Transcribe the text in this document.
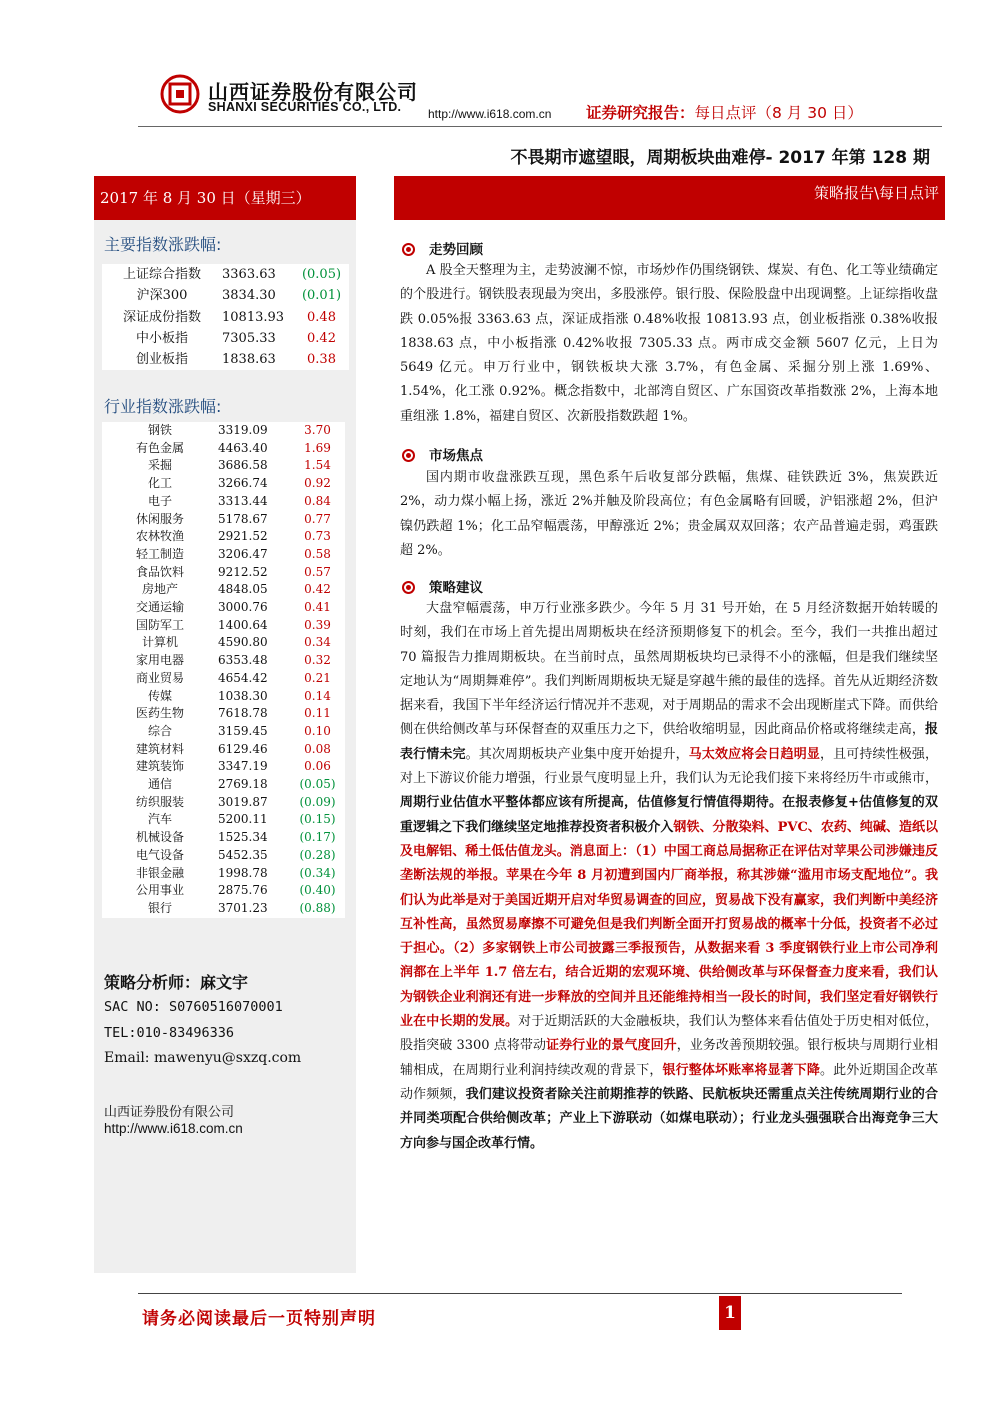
山西证券股份有限公司
SHANXI SECURITIES CO., LTD. http://www.i618.com.cn 证券研究报告：每日点评（8 月 30 日）
不畏期市遮望眼，周期板块曲难停- 2017 年第 128 期
2017 年 8 月 30 日（星期三）	策略报告\每日点评
主要指数涨跌幅:
上证综合指数	3363.63	(0.05)
沪深300	3834.30	(0.01)
深证成份指数	10813.93	0.48
中小板指	7305.33	0.42
创业板指	1838.63	0.38
行业指数涨跌幅:
钢铁	3319.09	3.70
有色金属	4463.40	1.69
采掘	3686.58	1.54
化工	3266.74	0.92
电子	3313.44	0.84
休闲服务	5178.67	0.77
农林牧渔	2921.52	0.73
轻工制造	3206.47	0.58
食品饮料	9212.52	0.57
房地产	4848.05	0.42
交通运输	3000.76	0.41
国防军工	1400.64	0.39
计算机	4590.80	0.34
家用电器	6353.48	0.32
商业贸易	4654.42	0.21
传媒	1038.30	0.14
医药生物	7618.78	0.11
综合	3159.45	0.10
建筑材料	6129.46	0.08
建筑装饰	3347.19	0.06
通信	2769.18	(0.05)
纺织服装	3019.87	(0.09)
汽车	5200.11	(0.15)
机械设备	1525.34	(0.17)
电气设备	5452.35	(0.28)
非银金融	1998.78	(0.34)
公用事业	2875.76	(0.40)
银行	3701.23	(0.88)
策略分析师：麻文宇
SAC NO: S0760516070001
TEL:010-83496336
Email: mawenyu@sxzq.com
山西证券股份有限公司
http://www.i618.com.cn
走势回顾

A 股全天整理为主，走势波澜不惊，市场炒作仍围绕钢铁、煤炭、有色、化工等业绩确定的个股进行。钢铁股表现最为突出，多股涨停。银行股、保险股盘中出现调整。上证综指收盘跌 0.05%报 3363.63 点，深证成指涨 0.48%收报 10813.93 点，创业板指涨 0.38%收报 1838.63 点，中小板指涨 0.42%收报 7305.33 点。两市成交金额 5607 亿元，上日为 5649 亿元。申万行业中，钢铁板块大涨 3.7%，有色金属、采掘分别上涨 1.69%、1.54%，化工涨 0.92%。概念指数中，北部湾自贸区、广东国资改革指数涨 2%，上海本地重组涨 1.8%，福建自贸区、次新股指数跌超 1%。

市场焦点

国内期市收盘涨跌互现，黑色系午后收复部分跌幅，焦煤、硅铁跌近 3%，焦炭跌近 2%，动力煤小幅上扬，涨近 2%并触及阶段高位；有色金属略有回暖，沪铝涨超 2%，但沪镍仍跌超 1%；化工品窄幅震荡，甲醇涨近 2%；贵金属双双回落；农产品普遍走弱，鸡蛋跌超 2%。

策略建议

大盘窄幅震荡，申万行业涨多跌少。今年 5 月 31 号开始，在 5 月经济数据开始转暖的时刻，我们在市场上首先提出周期板块在经济预期修复下的机会。至今，我们一共推出超过 70 篇报告力推周期板块。在当前时点，虽然周期板块均已录得不小的涨幅，但是我们继续坚定地认为“周期舞难停”。我们判断周期板块无疑是穿越牛熊的最佳的选择。首先从近期经济数据来看，我国下半年经济运行情况并不悲观，对于周期品的需求不会出现断崖式下降。而供给侧在供给侧改革与环保督查的双重压力之下，供给收缩明显，因此商品价格或将继续走高，报表行情未完。其次周期板块产业集中度开始提升，马太效应将会日趋明显，且可持续性极强，对上下游议价能力增强，行业景气度明显上升，我们认为无论我们接下来将经历牛市或熊市，周期行业估值水平整体都应该有所提高，估值修复行情值得期待。在报表修复+估值修复的双重逻辑之下我们继续坚定地推荐投资者积极介入钢铁、分散染料、PVC、农药、纯碱、造纸以及电解铝、稀土低估值龙头。消息面上：（1）中国工商总局据称正在评估对苹果公司涉嫌违反垄断法规的举报。苹果在今年 8 月初遭到国内厂商举报，称其涉嫌“滥用市场支配地位”。我们认为此举是对于美国近期开启对华贸易调查的回应，贸易战下没有赢家，我们判断中美经济互补性高，虽然贸易摩擦不可避免但是我们判断全面开打贸易战的概率十分低，投资者不必过于担心。（2）多家钢铁上市公司披露三季报预告，从数据来看 3 季度钢铁行业上市公司净利润都在上半年 1.7 倍左右，结合近期的宏观环境、供给侧改革与环保督查力度来看，我们认为钢铁企业利润还有进一步释放的空间并且还能维持相当一段长的时间，我们坚定看好钢铁行业在中长期的发展。对于近期活跃的大金融板块，我们认为整体来看估值处于历史相对低位，股指突破 3300 点将带动证券行业的景气度回升，业务改善预期较强。银行板块与周期行业相辅相成，在周期行业利润持续改观的背景下，银行整体坏账率将显著下降。此外近期国企改革动作频频，我们建议投资者除关注前期推荐的铁路、民航板块还需重点关注传统周期行业的合并同类项配合供给侧改革；产业上下游联动（如煤电联动）；行业龙头强强联合出海竞争三大方向参与国企改革行情。

请务必阅读最后一页特别声明	1
